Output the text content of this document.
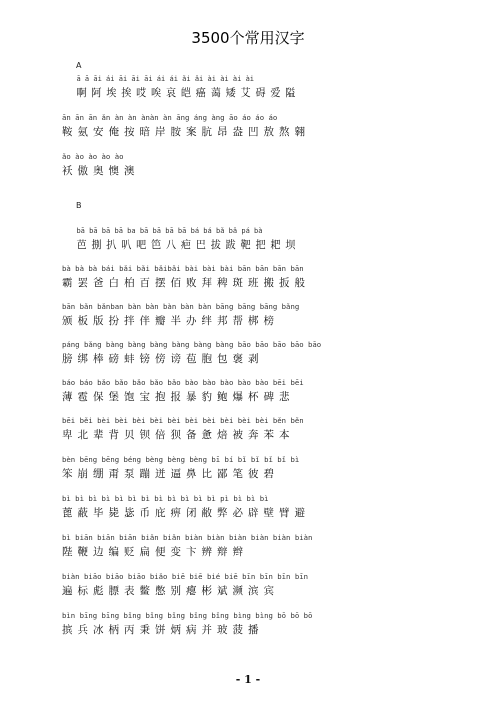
3500个常用汉字
A
ā ā āi ái āi āi āi ái ái ǎi ǎi ài ài ài ài
啊阿埃挨哎唉哀皑癌蔼矮艾碍爱隘
ān ān ān ǎn àn àn ànàn àn āng áng àng āo áo áo áo
鞍氨安俺按暗岸胺案肮昂盎凹敖熬翱
ǎo ào ào ào ào
袄傲奥懊澳
B
bā bā bā bā ba bā bā bā bā bá bá bǎ bǎ pá bà
芭捌扒叭吧笆八疤巴拔跋靶把耙坝
bà bà bà bái bǎi bǎi bǎibǎi bài bài bài bān bān bān bān
霸罢爸白柏百摆佰败拜稗斑班搬扳般
bān bǎn bǎnban bàn bàn bàn bàn bàn bāng bāng bāng bǎng
颁板版扮拌伴瓣半办绊邦帮梆榜
páng bǎng bàng bàng bàng bàng bàng bàng bāo bāo bāo bāo bāo
膀绑棒磅蚌镑傍谤苞胞包褒剥
báo báo bǎo bǎo bǎo bǎo bǎo bào bào bào bào bào bēi bēi
薄雹保堡饱宝抱报暴豹鲍爆杯碑悲
bēi běi bèi bèi bèi bèi bèi bèi bèi bèi bèi bèi běn běn
卑北辈背贝钡倍狈备惫焙被奔苯本
bèn bēng bēng béng bèng bèng bèng bī bí bǐ bǐ bǐ bǐ bì
笨崩绷甭泵蹦迸逼鼻比鄙笔彼碧
bì bì bì bì bì bì bì bì bì bì bì bì pì bì bì bì
蓖蔽毕毙毖币庇痹闭敝弊必辟壁臂避
bì biān biān biān biǎn biǎn biàn biàn biàn biàn biàn biàn
陛鞭边编贬扁便变卞辨辩辫
biàn biāo biāo biāo biǎo biē biē bié biē bīn bīn bīn bīn
遍标彪膘表鳖憋别瘪彬斌濒滨宾
bìn bīng bīng bǐng bǐng bǐng bǐng bǐng bìng bìng bō bō bō
摈兵冰柄丙秉饼炳病并玻菠播
- 1 -
